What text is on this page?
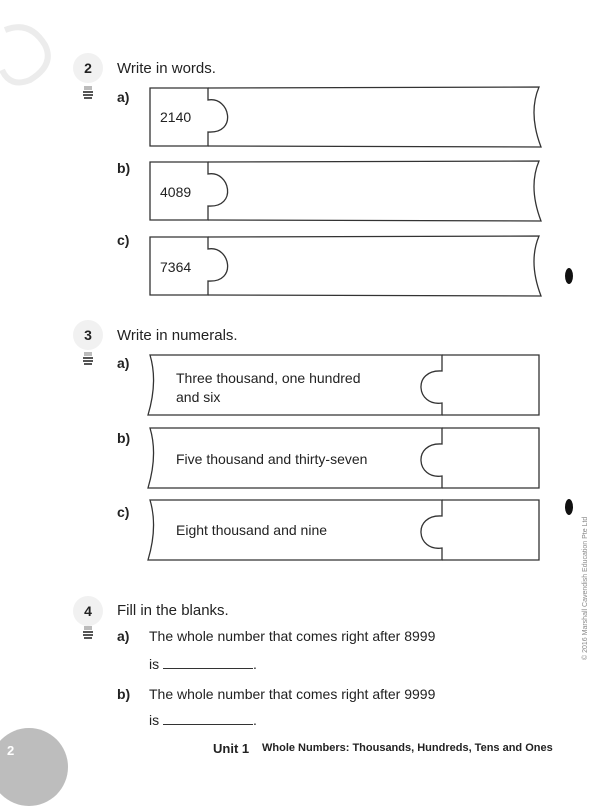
2 Write in words.
a)
2140
b)
4089
c)
7364
3 Write in numerals.
a)
Three thousand, one hundred
and six
b)
Five thousand and thirty-seven
c)
Eight thousand and nine
4 Fill in the blanks.
a) The whole number that comes right after 8999
is	.
b) The whole number that comes right after 9999
is	.
© 2016 Marshall Cavendish Education Pte Ltd
2	Unit 1 Whole Numbers: Thousands, Hundreds, Tens and Ones
